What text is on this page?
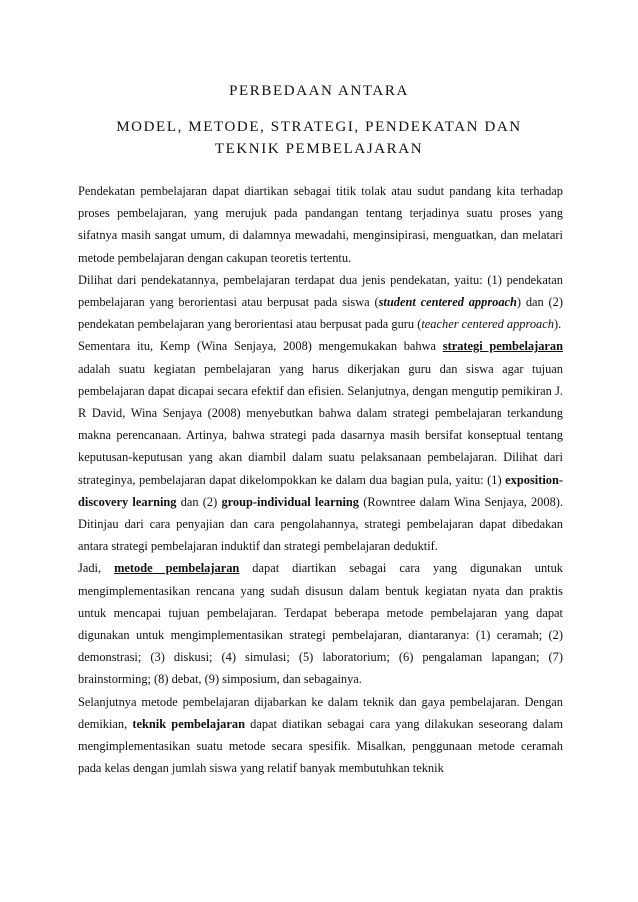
PERBEDAAN ANTARA
MODEL, METODE, STRATEGI, PENDEKATAN DAN
TEKNIK PEMBELAJARAN

Pendekatan pembelajaran dapat diartikan sebagai titik tolak atau sudut pandang kita terhadap proses pembelajaran, yang merujuk pada pandangan tentang terjadinya suatu proses yang sifatnya masih sangat umum, di dalamnya mewadahi, menginsipirasi, menguatkan, dan melatari metode pembelajaran dengan cakupan teoretis tertentu.

Dilihat dari pendekatannya, pembelajaran terdapat dua jenis pendekatan, yaitu: (1) pendekatan pembelajaran yang berorientasi atau berpusat pada siswa (student centered approach) dan (2) pendekatan pembelajaran yang berorientasi atau berpusat pada guru (teacher centered approach).

Sementara itu, Kemp (Wina Senjaya, 2008) mengemukakan bahwa strategi pembelajaran adalah suatu kegiatan pembelajaran yang harus dikerjakan guru dan siswa agar tujuan pembelajaran dapat dicapai secara efektif dan efisien. Selanjutnya, dengan mengutip pemikiran J. R David, Wina Senjaya (2008) menyebutkan bahwa dalam strategi pembelajaran terkandung makna perencanaan. Artinya, bahwa strategi pada dasarnya masih bersifat konseptual tentang keputusan-keputusan yang akan diambil dalam suatu pelaksanaan pembelajaran. Dilihat dari strateginya, pembelajaran dapat dikelompokkan ke dalam dua bagian pula, yaitu: (1) exposition-discovery learning dan (2) group-individual learning (Rowntree dalam Wina Senjaya, 2008). Ditinjau dari cara penyajian dan cara pengolahannya, strategi pembelajaran dapat dibedakan antara strategi pembelajaran induktif dan strategi pembelajaran deduktif.

Jadi, metode pembelajaran dapat diartikan sebagai cara yang digunakan untuk mengimplementasikan rencana yang sudah disusun dalam bentuk kegiatan nyata dan praktis untuk mencapai tujuan pembelajaran. Terdapat beberapa metode pembelajaran yang dapat digunakan untuk mengimplementasikan strategi pembelajaran, diantaranya: (1) ceramah; (2) demonstrasi; (3) diskusi; (4) simulasi; (5) laboratorium; (6) pengalaman lapangan; (7) brainstorming; (8) debat, (9) simposium, dan sebagainya.

Selanjutnya metode pembelajaran dijabarkan ke dalam teknik dan gaya pembelajaran. Dengan demikian, teknik pembelajaran dapat diatikan sebagai cara yang dilakukan seseorang dalam mengimplementasikan suatu metode secara spesifik. Misalkan, penggunaan metode ceramah pada kelas dengan jumlah siswa yang relatif banyak membutuhkan teknik
